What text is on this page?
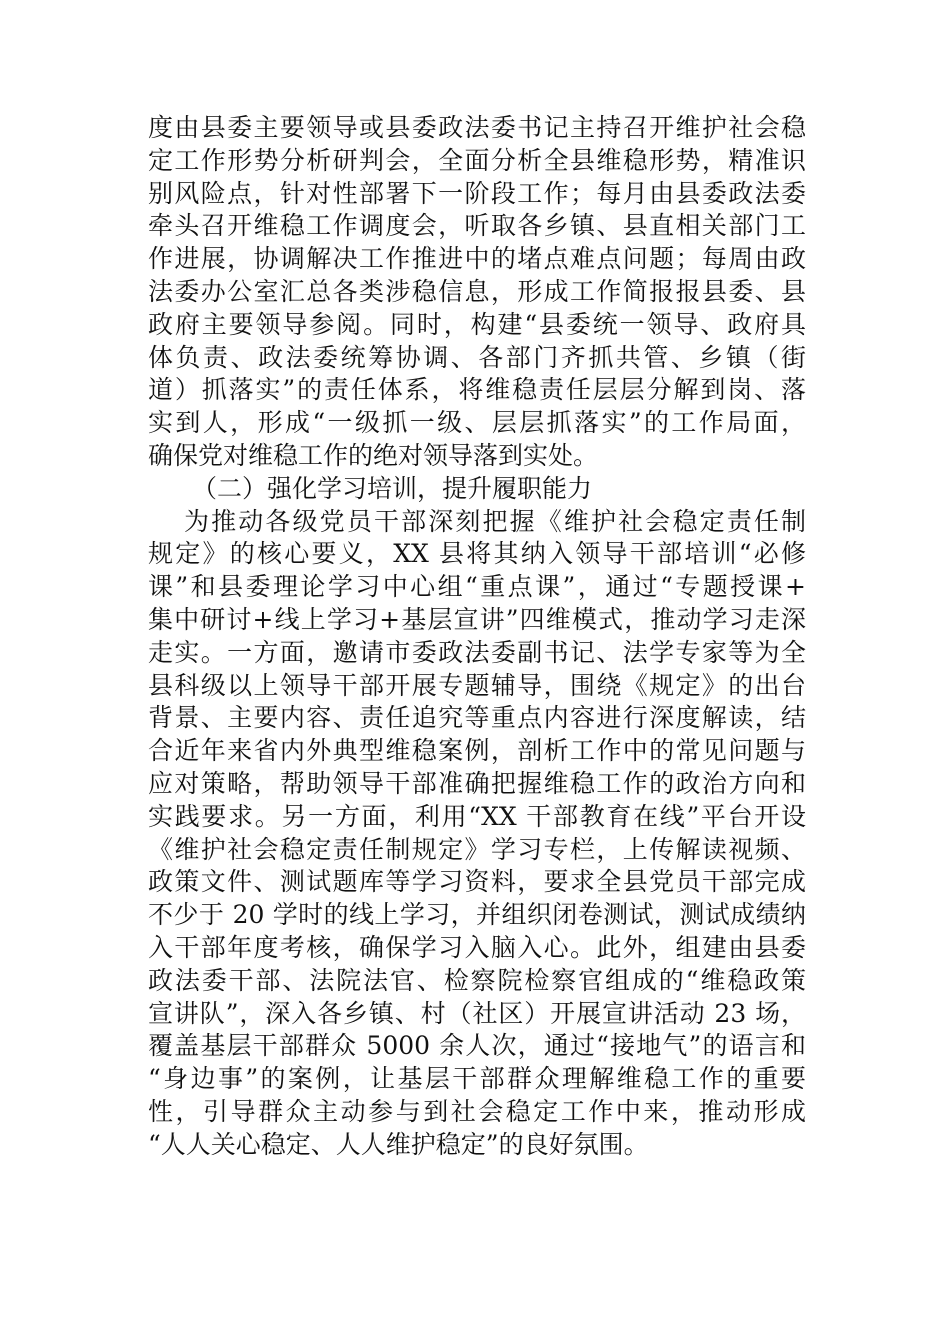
度由县委主要领导或县委政法委书记主持召开维护社会稳
定工作形势分析研判会，全面分析全县维稳形势，精准识
别风险点，针对性部署下一阶段工作；每月由县委政法委
牵头召开维稳工作调度会，听取各乡镇、县直相关部门工
作进展，协调解决工作推进中的堵点难点问题；每周由政
法委办公室汇总各类涉稳信息，形成工作简报报县委、县
政府主要领导参阅。同时，构建“县委统一领导、政府具
体负责、政法委统筹协调、各部门齐抓共管、乡镇（街
道）抓落实”的责任体系，将维稳责任层层分解到岗、落
实到人，形成“一级抓一级、层层抓落实”的工作局面，
确保党对维稳工作的绝对领导落到实处。
（二）强化学习培训，提升履职能力
为推动各级党员干部深刻把握《维护社会稳定责任制
规定》的核心要义，XX 县将其纳入领导干部培训“必修
课”和县委理论学习中心组“重点课”，通过“专题授课+
集中研讨+线上学习+基层宣讲”四维模式，推动学习走深
走实。一方面，邀请市委政法委副书记、法学专家等为全
县科级以上领导干部开展专题辅导，围绕《规定》的出台
背景、主要内容、责任追究等重点内容进行深度解读，结
合近年来省内外典型维稳案例，剖析工作中的常见问题与
应对策略，帮助领导干部准确把握维稳工作的政治方向和
实践要求。另一方面，利用“XX 干部教育在线”平台开设
《维护社会稳定责任制规定》学习专栏，上传解读视频、
政策文件、测试题库等学习资料，要求全县党员干部完成
不少于 20 学时的线上学习，并组织闭卷测试，测试成绩纳
入干部年度考核，确保学习入脑入心。此外，组建由县委
政法委干部、法院法官、检察院检察官组成的“维稳政策
宣讲队”，深入各乡镇、村（社区）开展宣讲活动 23 场，
覆盖基层干部群众 5000 余人次，通过“接地气”的语言和
“身边事”的案例，让基层干部群众理解维稳工作的重要
性，引导群众主动参与到社会稳定工作中来，推动形成
“人人关心稳定、人人维护稳定”的良好氛围。
